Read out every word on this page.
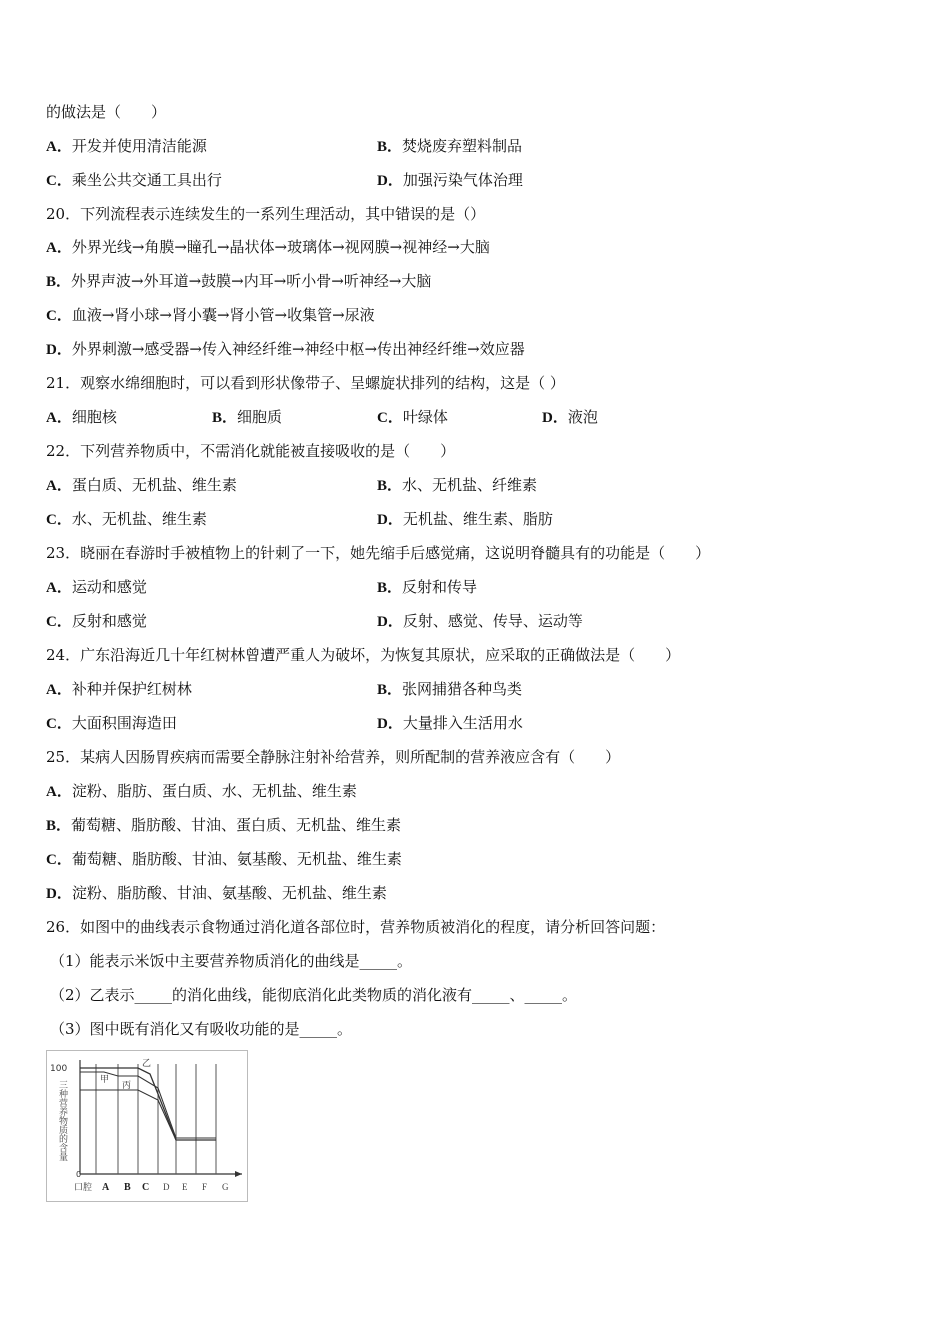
的做法是（　　）
A．开发并使用清洁能源	B．焚烧废弃塑料制品
C．乘坐公共交通工具出行	D．加强污染气体治理
20．下列流程表示连续发生的一系列生理活动，其中错误的是（）
A．外界光线→角膜→瞳孔→晶状体→玻璃体→视网膜→视神经→大脑
B．外界声波→外耳道→鼓膜→内耳→听小骨→听神经→大脑
C．血液→肾小球→肾小囊→肾小管→收集管→尿液
D．外界刺激→感受器→传入神经纤维→神经中枢→传出神经纤维→效应器
21．观察水绵细胞时，可以看到形状像带子、呈螺旋状排列的结构，这是（ ）
A．细胞核	B．细胞质	C．叶绿体	D．液泡
22．下列营养物质中，不需消化就能被直接吸收的是（　　）
A．蛋白质、无机盐、维生素	B．水、无机盐、纤维素
C．水、无机盐、维生素	D．无机盐、维生素、脂肪
23．晓丽在春游时手被植物上的针刺了一下，她先缩手后感觉痛，这说明脊髓具有的功能是（　　）
A．运动和感觉	B．反射和传导
C．反射和感觉	D．反射、感觉、传导、运动等
24．广东沿海近几十年红树林曾遭严重人为破坏，为恢复其原状，应采取的正确做法是（　　）
A．补种并保护红树林	B．张网捕猎各种鸟类
C．大面积围海造田	D．大量排入生活用水
25．某病人因肠胃疾病而需要全静脉注射补给营养，则所配制的营养液应含有（　　）
A．淀粉、脂肪、蛋白质、水、无机盐、维生素
B．葡萄糖、脂肪酸、甘油、蛋白质、无机盐、维生素
C．葡萄糖、脂肪酸、甘油、氨基酸、无机盐、维生素
D．淀粉、脂肪酸、甘油、氨基酸、无机盐、维生素
26．如图中的曲线表示食物通过消化道各部位时，营养物质被消化的程度，请分析回答问题：
（1）能表示米饭中主要营养物质消化的曲线是_____。
（2）乙表示_____的消化曲线，能彻底消化此类物质的消化液有_____、_____。
（3）图中既有消化又有吸收功能的是_____。
100
0
三种营养物质的含量	甲
乙
丙
口腔 A B C D E F G
